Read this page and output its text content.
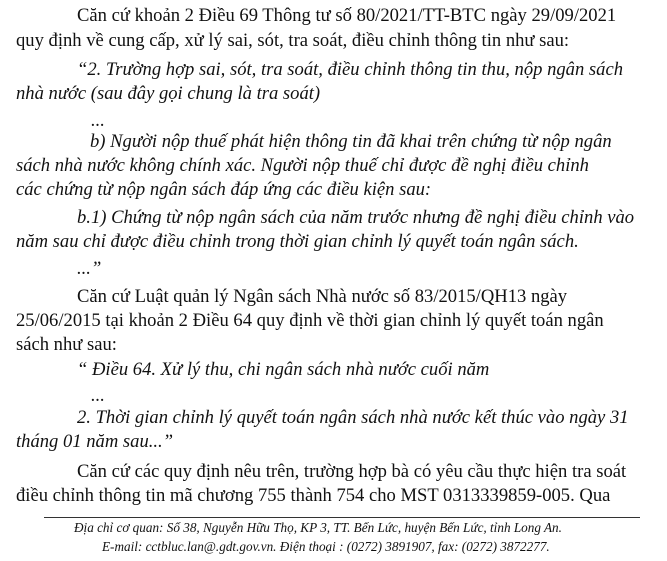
Căn cứ khoản 2 Điều 69 Thông tư số 80/2021/TT-BTC ngày 29/09/2021
quy định về cung cấp, xử lý sai, sót, tra soát, điều chỉnh thông tin như sau:
“2. Trường hợp sai, sót, tra soát, điều chỉnh thông tin thu, nộp ngân sách
nhà nước (sau đây gọi chung là tra soát)
...
b) Người nộp thuế phát hiện thông tin đã khai trên chứng từ nộp ngân
sách nhà nước không chính xác. Người nộp thuế chỉ được đề nghị điều chỉnh
các chứng từ nộp ngân sách đáp ứng các điều kiện sau:
b.1) Chứng từ nộp ngân sách của năm trước nhưng đề nghị điều chỉnh vào
năm sau chỉ được điều chỉnh trong thời gian chỉnh lý quyết toán ngân sách.
...”
Căn cứ Luật quản lý Ngân sách Nhà nước số 83/2015/QH13 ngày
25/06/2015 tại khoản 2 Điều 64 quy định về thời gian chỉnh lý quyết toán ngân
sách như sau:
“ Điều 64. Xử lý thu, chi ngân sách nhà nước cuối năm
...
2. Thời gian chỉnh lý quyết toán ngân sách nhà nước kết thúc vào ngày 31
tháng 01 năm sau...”
Căn cứ các quy định nêu trên, trường hợp bà có yêu cầu thực hiện tra soát
điều chỉnh thông tin mã chương 755 thành 754 cho MST 0313339859-005. Qua
Địa chỉ cơ quan: Số 38, Nguyễn Hữu Thọ, KP 3, TT. Bến Lức, huyện Bến Lức, tỉnh Long An.
E-mail: cctbluc.lan@.gdt.gov.vn. Điện thoại : (0272) 3891907, fax: (0272) 3872277.
